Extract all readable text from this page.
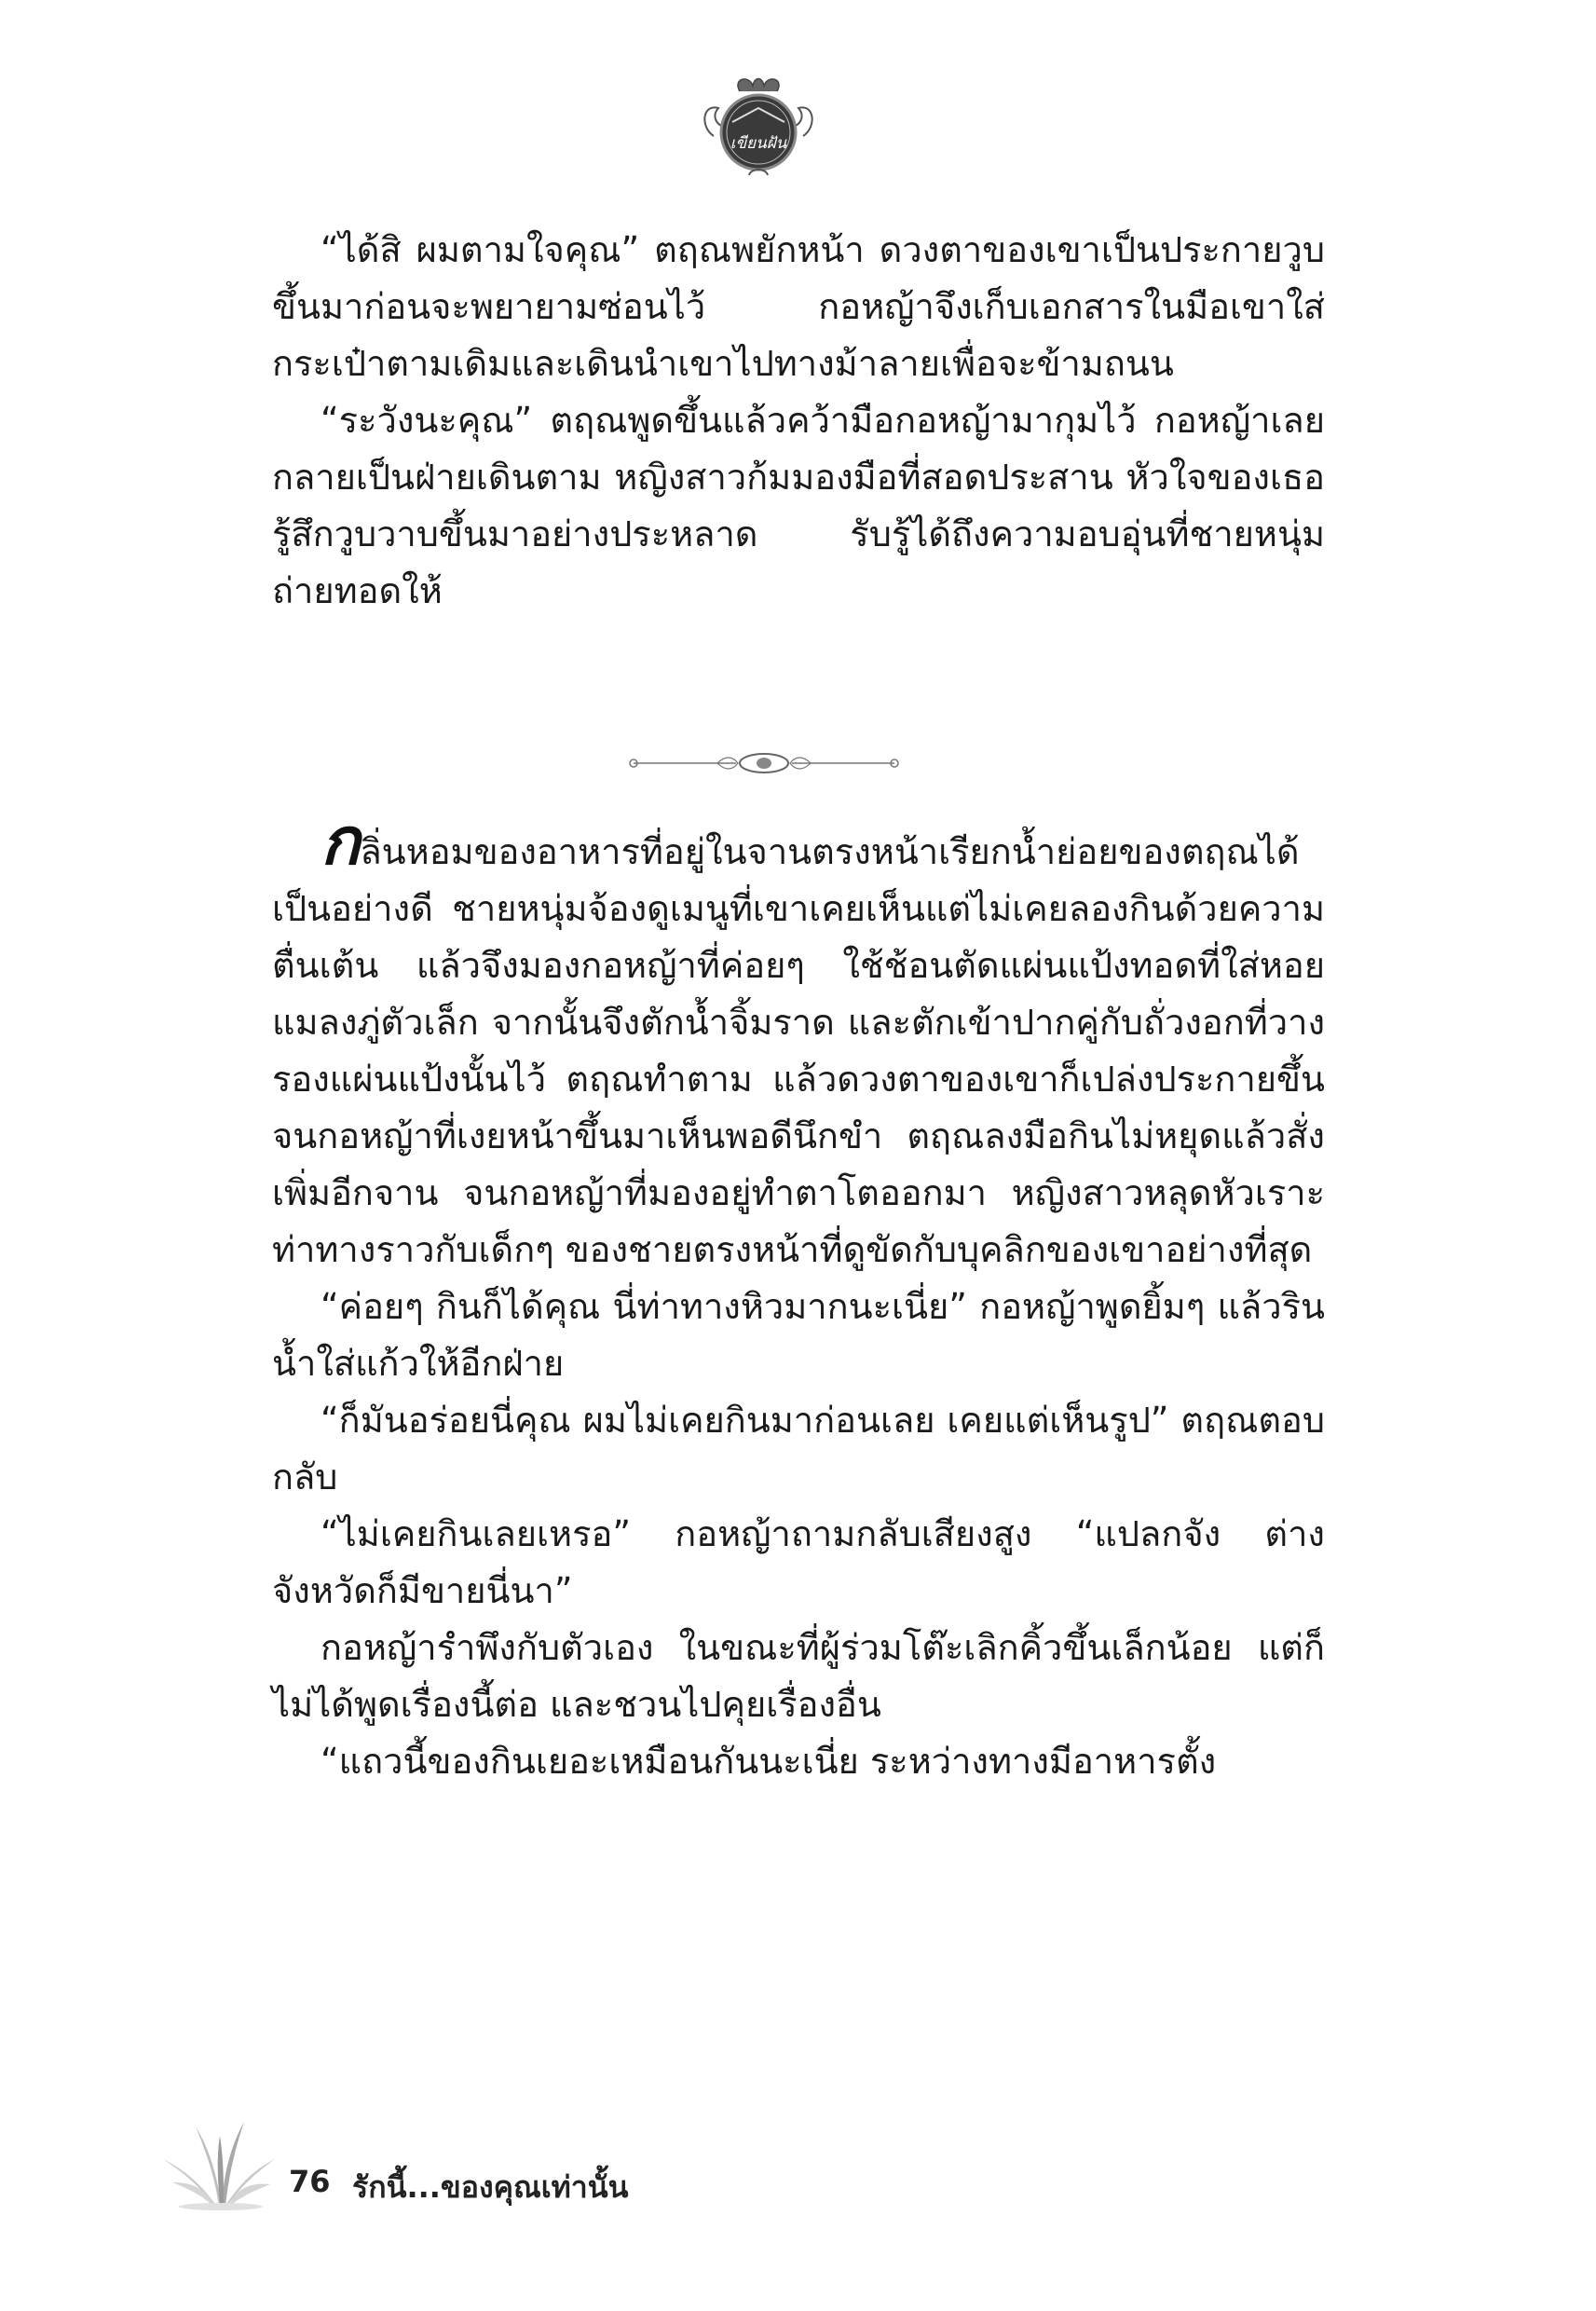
เขียนฝัน

“ได้สิ ผมตามใจคุณ” ตฤณพยักหน้า ดวงตาของเขาเป็นประกายวูบขึ้นมาก่อนจะพยายามซ่อนไว้ กอหญ้าจึงเก็บเอกสารในมือเขาใส่กระเป๋าตามเดิมและเดินนำเขาไปทางม้าลายเพื่อจะข้ามถนน

“ระวังนะคุณ” ตฤณพูดขึ้นแล้วคว้ามือกอหญ้ามากุมไว้ กอหญ้าเลยกลายเป็นฝ่ายเดินตาม หญิงสาวก้มมองมือที่สอดประสาน หัวใจของเธอรู้สึกวูบวาบขึ้นมาอย่างประหลาด รับรู้ได้ถึงความอบอุ่นที่ชายหนุ่มถ่ายทอดให้

กลิ่นหอมของอาหารที่อยู่ในจานตรงหน้าเรียกน้ำย่อยของตฤณได้เป็นอย่างดี ชายหนุ่มจ้องดูเมนูที่เขาเคยเห็นแต่ไม่เคยลองกินด้วยความตื่นเต้น แล้วจึงมองกอหญ้าที่ค่อยๆ ใช้ช้อนตัดแผ่นแป้งทอดที่ใส่หอยแมลงภู่ตัวเล็ก จากนั้นจึงตักน้ำจิ้มราด และตักเข้าปากคู่กับถั่วงอกที่วางรองแผ่นแป้งนั้นไว้ ตฤณทำตาม แล้วดวงตาของเขาก็เปล่งประกายขึ้นจนกอหญ้าที่เงยหน้าขึ้นมาเห็นพอดีนึกขำ ตฤณลงมือกินไม่หยุดแล้วสั่งเพิ่มอีกจาน จนกอหญ้าที่มองอยู่ทำตาโตออกมา หญิงสาวหลุดหัวเราะท่าทางราวกับเด็กๆ ของชายตรงหน้าที่ดูขัดกับบุคลิกของเขาอย่างที่สุด

“ค่อยๆ กินก็ได้คุณ นี่ท่าทางหิวมากนะเนี่ย” กอหญ้าพูดยิ้มๆ แล้วรินน้ำใส่แก้วให้อีกฝ่าย

“ก็มันอร่อยนี่คุณ ผมไม่เคยกินมาก่อนเลย เคยแต่เห็นรูป” ตฤณตอบกลับ

“ไม่เคยกินเลยเหรอ” กอหญ้าถามกลับเสียงสูง “แปลกจัง ต่างจังหวัดก็มีขายนี่นา”

กอหญ้ารำพึงกับตัวเอง ในขณะที่ผู้ร่วมโต๊ะเลิกคิ้วขึ้นเล็กน้อย แต่ก็ไม่ได้พูดเรื่องนี้ต่อ และชวนไปคุยเรื่องอื่น

“แถวนี้ของกินเยอะเหมือนกันนะเนี่ย ระหว่างทางมีอาหารตั้ง

76 รักนี้...ของคุณเท่านั้น
